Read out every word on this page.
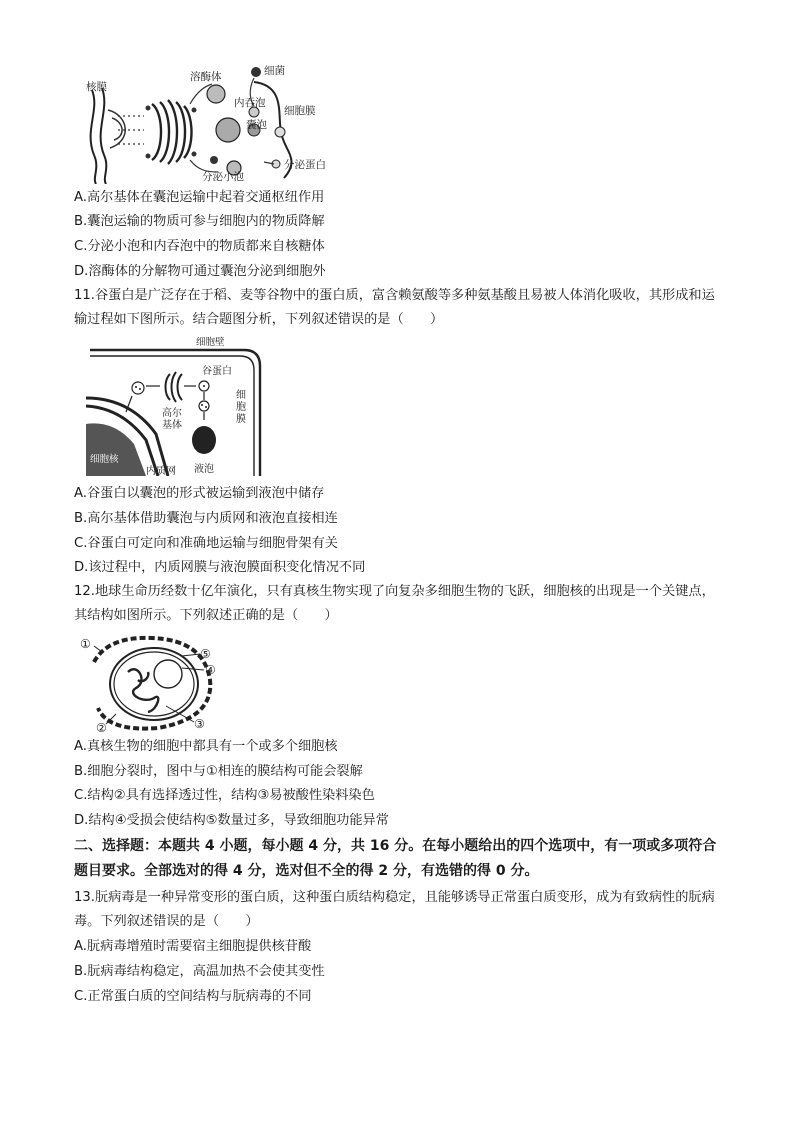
核膜
溶酶体	细菌
内吞泡
细胞膜
囊泡
分泌小泡
分泌蛋白
A.高尔基体在囊泡运输中起着交通枢纽作用
B.囊泡运输的物质可参与细胞内的物质降解
C.分泌小泡和内吞泡中的物质都来自核糖体
D.溶酶体的分解物可通过囊泡分泌到细胞外
11.谷蛋白是广泛存在于稻、麦等谷物中的蛋白质，富含赖氨酸等多种氨基酸且易被人体消化吸收，其形成和运输过程如下图所示。结合题图分析，下列叙述错误的是（　　）
细胞壁
谷蛋白
高尔
基体
细
胞
膜
细胞核
内质网 液泡
A.谷蛋白以囊泡的形式被运输到液泡中储存
B.高尔基体借助囊泡与内质网和液泡直接相连
C.谷蛋白可定向和准确地运输与细胞骨架有关
D.该过程中，内质网膜与液泡膜面积变化情况不同
12.地球生命历经数十亿年演化，只有真核生物实现了向复杂多细胞生物的飞跃，细胞核的出现是一个关键点，其结构如图所示。下列叙述正确的是（　　）
①
⑤
④
②	③
A.真核生物的细胞中都具有一个或多个细胞核
B.细胞分裂时，图中与①相连的膜结构可能会裂解
C.结构②具有选择透过性，结构③易被酸性染料染色
D.结构④受损会使结构⑤数量过多，导致细胞功能异常
二、选择题：本题共 4 小题，每小题 4 分，共 16 分。在每小题给出的四个选项中，有一项或多项符合题目要求。全部选对的得 4 分，选对但不全的得 2 分，有选错的得 0 分。
13.朊病毒是一种异常变形的蛋白质，这种蛋白质结构稳定，且能够诱导正常蛋白质变形，成为有致病性的朊病毒。下列叙述错误的是（　　）
A.朊病毒增殖时需要宿主细胞提供核苷酸
B.朊病毒结构稳定，高温加热不会使其变性
C.正常蛋白质的空间结构与朊病毒的不同
